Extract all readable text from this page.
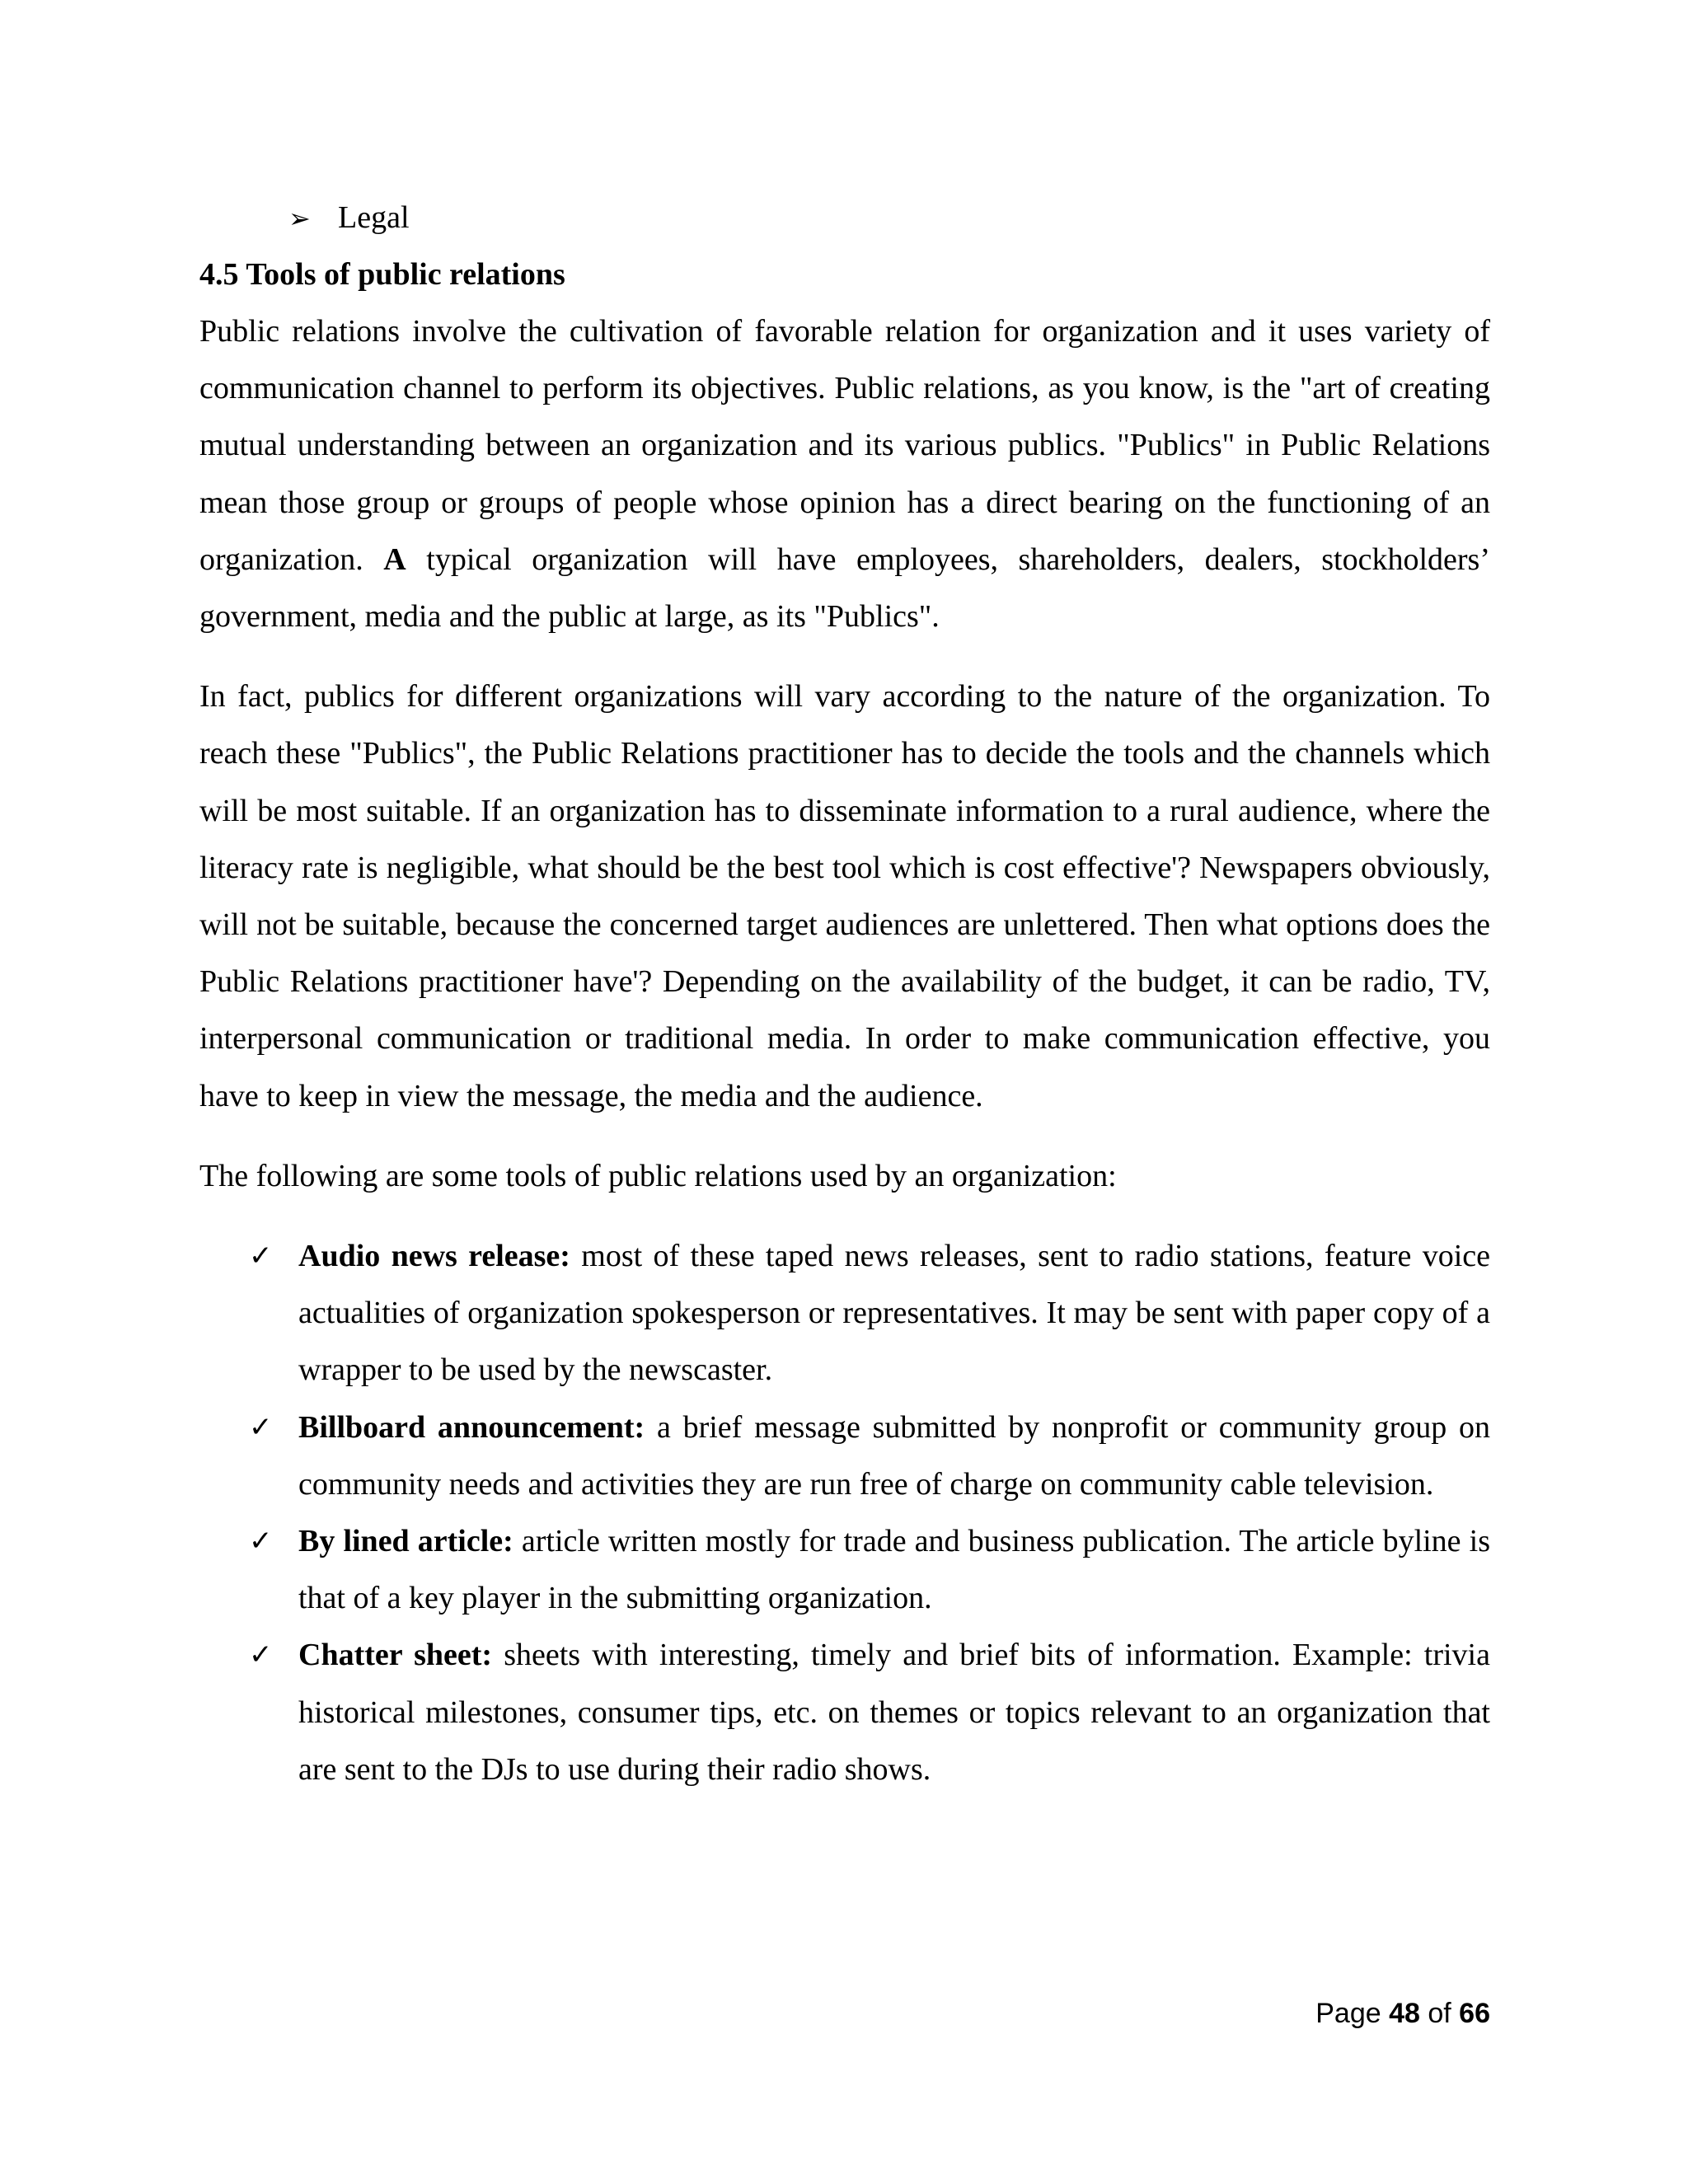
➢ Legal
4.5 Tools of public relations

Public relations involve the cultivation of favorable relation for organization and it uses variety of communication channel to perform its objectives. Public relations, as you know, is the "art of creating mutual understanding between an organization and its various publics. "Publics" in Public Relations mean those group or groups of people whose opinion has a direct bearing on the functioning of an organization. A typical organization will have employees, shareholders, dealers, stockholders’ government, media and the public at large, as its "Publics".

In fact, publics for different organizations will vary according to the nature of the organization. To reach these "Publics", the Public Relations practitioner has to decide the tools and the channels which will be most suitable. If an organization has to disseminate information to a rural audience, where the literacy rate is negligible, what should be the best tool which is cost effective'? Newspapers obviously, will not be suitable, because the concerned target audiences are unlettered. Then what options does the Public Relations practitioner have'? Depending on the availability of the budget, it can be radio, TV, interpersonal communication or traditional media. In order to make communication effective, you have to keep in view the message, the media and the audience.

The following are some tools of public relations used by an organization:

✓ Audio news release: most of these taped news releases, sent to radio stations, feature voice actualities of organization spokesperson or representatives. It may be sent with paper copy of a wrapper to be used by the newscaster.
✓ Billboard announcement: a brief message submitted by nonprofit or community group on community needs and activities they are run free of charge on community cable television.
✓ By lined article: article written mostly for trade and business publication. The article byline is that of a key player in the submitting organization.
✓ Chatter sheet: sheets with interesting, timely and brief bits of information. Example: trivia historical milestones, consumer tips, etc. on themes or topics relevant to an organization that are sent to the DJs to use during their radio shows.
Page 48 of 66
